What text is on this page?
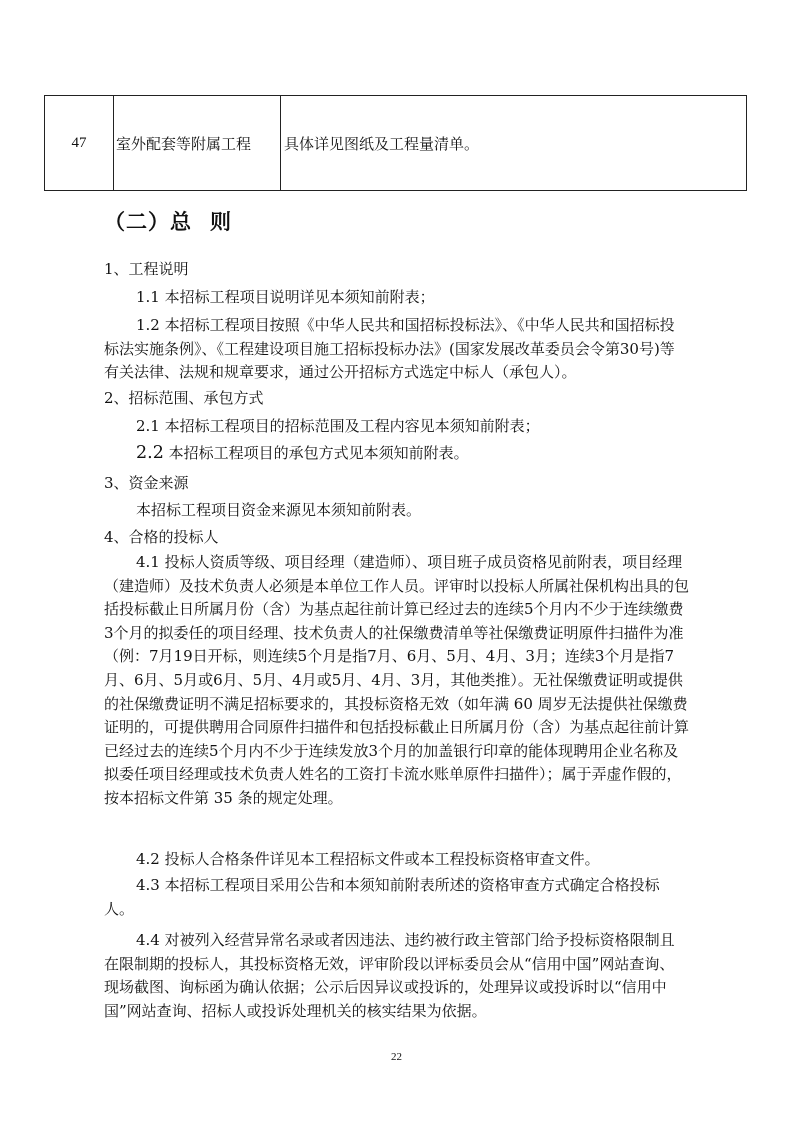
47	室外配套等附属工程	具体详见图纸及工程量清单。
（二）总 则
1、工程说明
1.1 本招标工程项目说明详见本须知前附表；
1.2 本招标工程项目按照《中华人民共和国招标投标法》、《中华人民共和国招标投标法实施条例》、《工程建设项目施工招标投标办法》(国家发展改革委员会令第30号)等有关法律、法规和规章要求，通过公开招标方式选定中标人（承包人）。
2、招标范围、承包方式
2.1 本招标工程项目的招标范围及工程内容见本须知前附表；
2.2 本招标工程项目的承包方式见本须知前附表。
3、资金来源
本招标工程项目资金来源见本须知前附表。
4、合格的投标人
4.1 投标人资质等级、项目经理（建造师）、项目班子成员资格见前附表，项目经理（建造师）及技术负责人必须是本单位工作人员。评审时以投标人所属社保机构出具的包括投标截止日所属月份（含）为基点起往前计算已经过去的连续5个月内不少于连续缴费3个月的拟委任的项目经理、技术负责人的社保缴费清单等社保缴费证明原件扫描件为准（例：7月19日开标，则连续5个月是指7月、6月、5月、4月、3月；连续3个月是指7月、6月、5月或6月、5月、4月或5月、4月、3月，其他类推）。无社保缴费证明或提供的社保缴费证明不满足招标要求的，其投标资格无效（如年满 60 周岁无法提供社保缴费证明的，可提供聘用合同原件扫描件和包括投标截止日所属月份（含）为基点起往前计算已经过去的连续5个月内不少于连续发放3个月的加盖银行印章的能体现聘用企业名称及拟委任项目经理或技术负责人姓名的工资打卡流水账单原件扫描件）；属于弄虚作假的，按本招标文件第 35 条的规定处理。
4.2 投标人合格条件详见本工程招标文件或本工程投标资格审查文件。
4.3 本招标工程项目采用公告和本须知前附表所述的资格审查方式确定合格投标人。
4.4 对被列入经营异常名录或者因违法、违约被行政主管部门给予投标资格限制且在限制期的投标人，其投标资格无效，评审阶段以评标委员会从“信用中国”网站查询、现场截图、询标函为确认依据；公示后因异议或投诉的，处理异议或投诉时以“信用中国”网站查询、招标人或投诉处理机关的核实结果为依据。
22
